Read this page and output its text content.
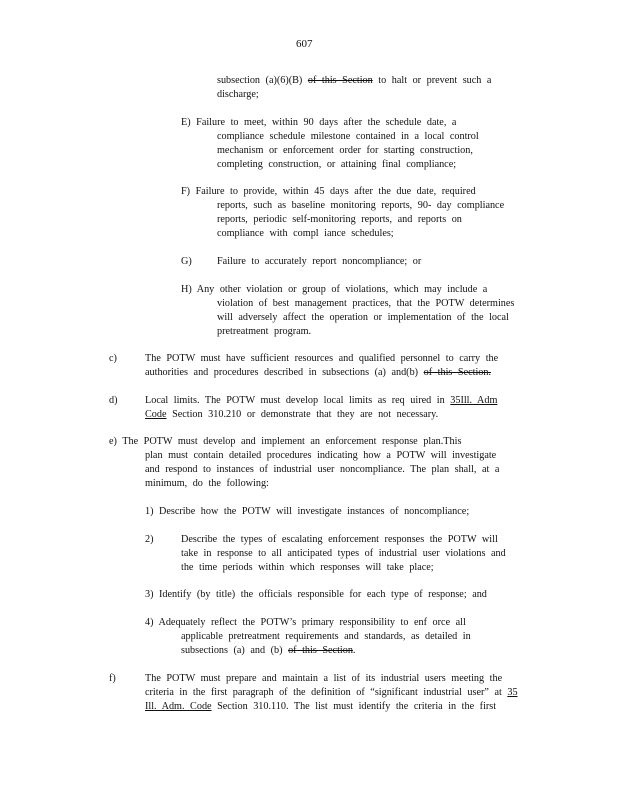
607
subsection (a)(6)(B) of this Section to halt or prevent such a
discharge;
E) Failure to meet, within 90 days after the schedule date, a
compliance schedule milestone contained in a local control
mechanism or enforcement order for starting construction,
completing construction, or attaining final compliance;
F) Failure to provide, within 45 days after the due date, required
reports, such as baseline monitoring reports, 90- day compliance
reports, periodic self-monitoring reports, and reports on
compliance with compl iance schedules;
G) Failure to accurately report noncompliance; or
H) Any other violation or group of violations, which may include a
violation of best management practices, that the POTW determines
will adversely affect the operation or implementation of the local
pretreatment program.
c)	The POTW must have sufficient resources and qualified personnel to carry the
authorities and procedures described in subsections (a) and(b) of this Section.
d)	Local limits. The POTW must develop local limits as req uired in 35Ill. Adm
Code Section 310.210 or demonstrate that they are not necessary.
e) The POTW must develop and implement an enforcement response plan.This
plan must contain detailed procedures indicating how a POTW will investigate
and respond to instances of industrial user noncompliance. The plan shall, at a
minimum, do the following:
1) Describe how the POTW will investigate instances of noncompliance;
2)	Describe the types of escalating enforcement responses the POTW will
take in response to all anticipated types of industrial user violations and
the time periods within which responses will take place;
3) Identify (by title) the officials responsible for each type of response; and
4) Adequately reflect the POTW’s primary responsibility to enf orce all
applicable pretreatment requirements and standards, as detailed in
subsections (a) and (b) of this Section.
f)	The POTW must prepare and maintain a list of its industrial users meeting the
criteria in the first paragraph of the definition of “significant industrial user” at 35
Ill. Adm. Code Section 310.110. The list must identify the criteria in the first
